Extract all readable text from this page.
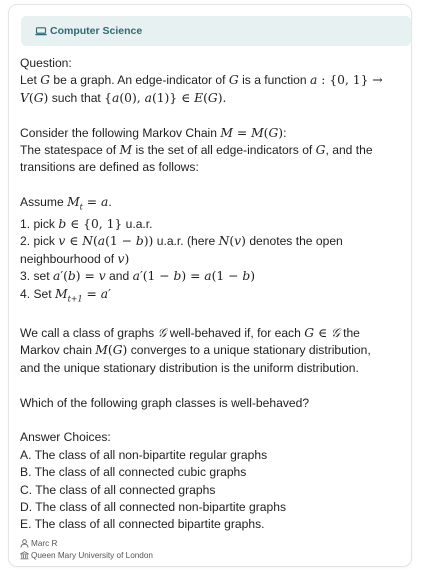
Computer Science

Question:

Let G be a graph. An edge-indicator of G is a function a : {0, 1} →
V(G) such that {a(0), a(1)} ∈ E(G).

Consider the following Markov Chain M = M(G):
The statespace of M is the set of all edge-indicators of G, and the
transitions are defined as follows:

Assume $M_t = a$.
1. pick b ∈ {0, 1} u.a.r.
2. pick v ∈ N(a(1 − b)) u.a.r. (here N(v) denotes the open
neighbourhood of v)
3. set a′(b) = v and a′(1 − b) = a(1 − b)
4. Set $M_{t+1} = a'$

We call a class of graphs 𝒢 well-behaved if, for each G ∈ 𝒢 the
Markov chain M(G) converges to a unique stationary distribution,
and the unique stationary distribution is the uniform distribution.

Which of the following graph classes is well-behaved?

Answer Choices:

A. The class of all non-bipartite regular graphs

B. The class of all connected cubic graphs

C. The class of all connected graphs

D. The class of all connected non-bipartite graphs

E. The class of all connected bipartite graphs.

Marc R
Queen Mary University of London
